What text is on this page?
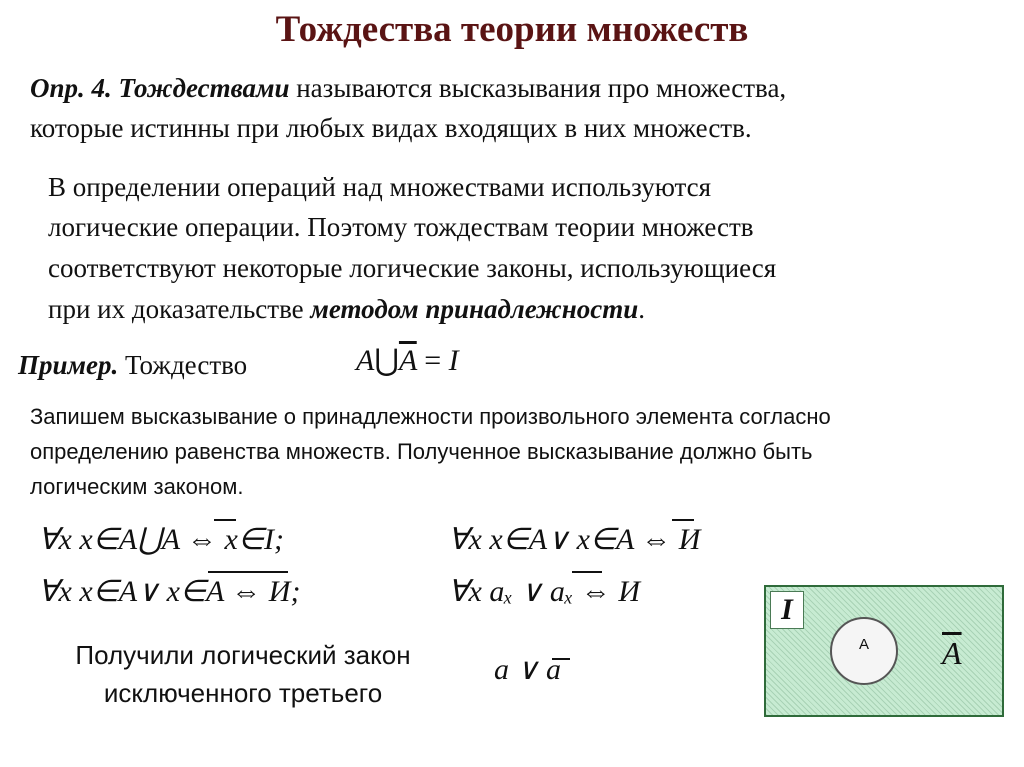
Тождества теории множеств
Опр. 4. Тождествами называются высказывания про множества,
которые истинны при любых видах входящих в них множеств.
В определении операций над множествами используются
логические операции. Поэтому тождествам теории множеств
соответствуют некоторые логические законы, использующиеся
при их доказательстве методом принадлежности.
Пример. Тождество	$A⋃\overline{A} = I$
Запишем высказывание о принадлежности произвольного элемента согласно
определению равенства множеств. Полученное высказывание должно быть
логическим законом.
∀x x∈A⋃A ⇔ x∈I;	∀x x∈A∨ x∈A ⇔ И
∀x x∈A∨ x∈A ⇔ И;	∀x aₓ ∨ aₓ ⇔ И
Получили логический закон
исключенного третьего
a ∨ a
I
A	$\overline{A}$
